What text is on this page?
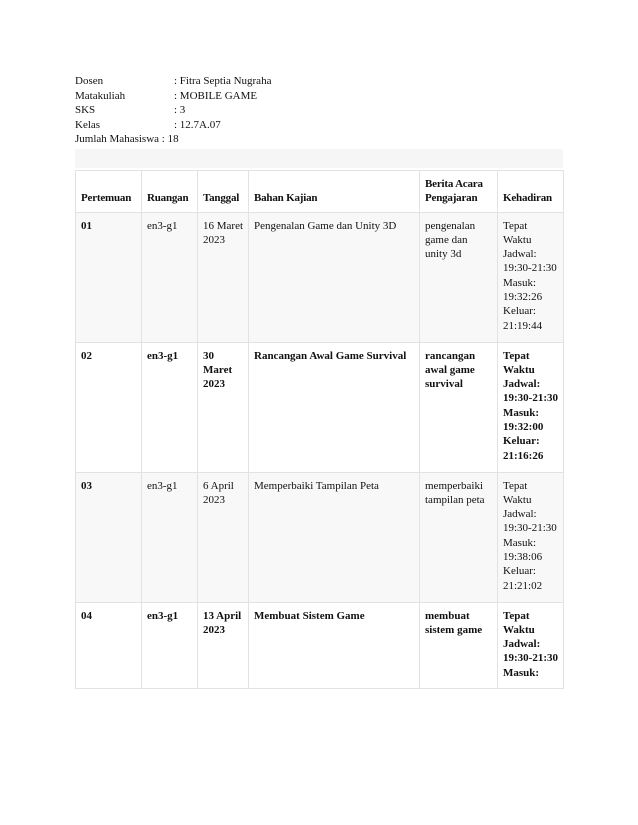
Dosen	: Fitra Septia Nugraha
Matakuliah	: MOBILE GAME
SKS	: 3
Kelas	: 12.7A.07
Jumlah Mahasiswa : 18
Pertemuan	Ruangan	Tanggal	Bahan Kajian	Berita Acara Pengajaran	Kehadiran
01	en3-g1	16 Maret 2023	Pengenalan Game dan Unity 3D	pengenalan game dan unity 3d	Tepat Waktu Jadwal: 19:30-21:30 Masuk: 19:32:26 Keluar: 21:19:44
02	en3-g1	30 Maret 2023	Rancangan Awal Game Survival	rancangan awal game survival	Tepat Waktu Jadwal: 19:30-21:30 Masuk: 19:32:00 Keluar: 21:16:26
03	en3-g1	6 April 2023	Memperbaiki Tampilan Peta	memperbaiki tampilan peta	Tepat Waktu Jadwal: 19:30-21:30 Masuk: 19:38:06 Keluar: 21:21:02
04	en3-g1	13 April 2023	Membuat Sistem Game	membuat sistem game	Tepat Waktu Jadwal: 19:30-21:30 Masuk:
